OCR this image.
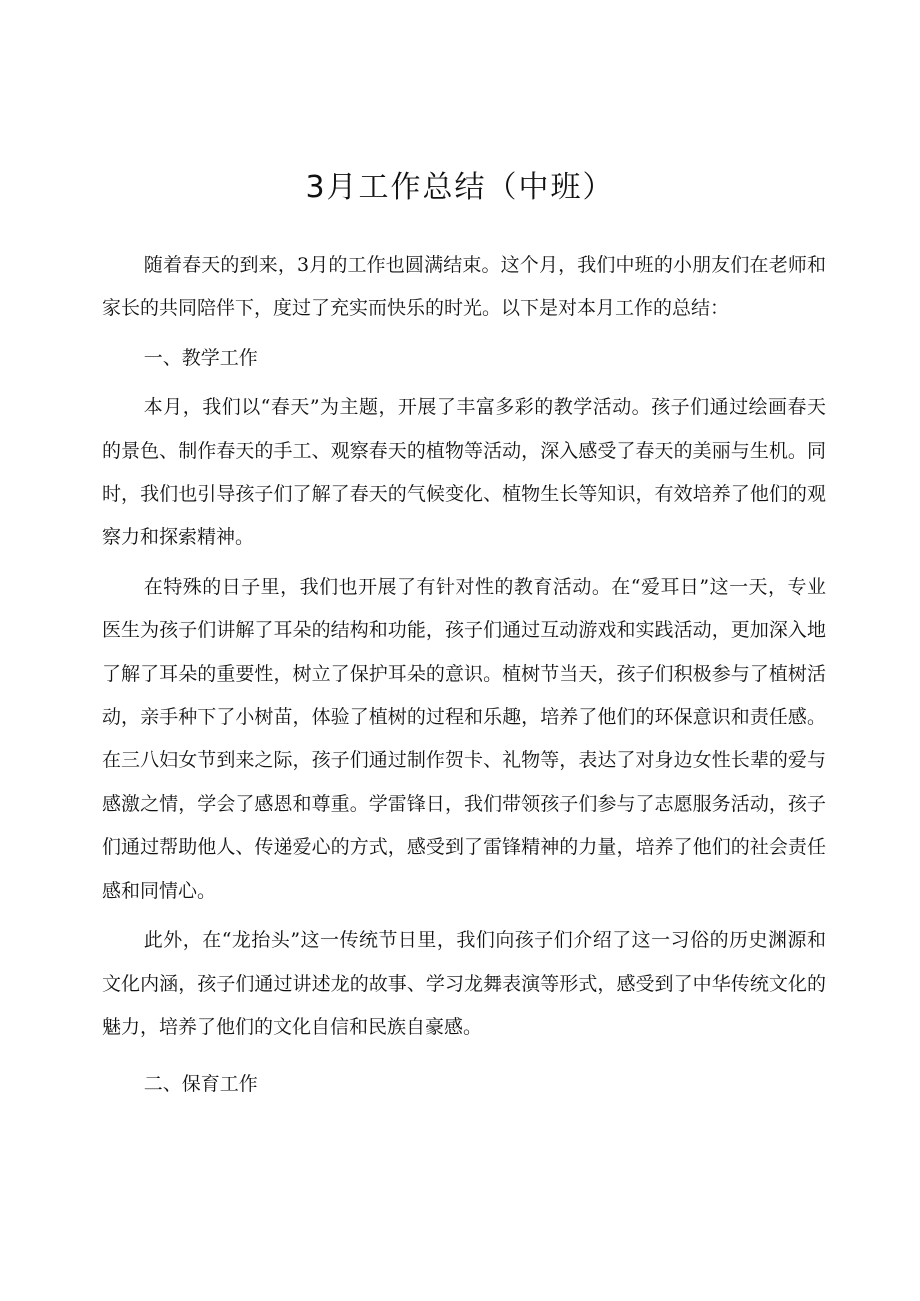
3月工作总结（中班）

随着春天的到来，3月的工作也圆满结束。这个月，我们中班的小朋友们在老师和家长的共同陪伴下，度过了充实而快乐的时光。以下是对本月工作的总结：

一、教学工作

本月，我们以“春天”为主题，开展了丰富多彩的教学活动。孩子们通过绘画春天的景色、制作春天的手工、观察春天的植物等活动，深入感受了春天的美丽与生机。同时，我们也引导孩子们了解了春天的气候变化、植物生长等知识，有效培养了他们的观察力和探索精神。

在特殊的日子里，我们也开展了有针对性的教育活动。在“爱耳日”这一天，专业医生为孩子们讲解了耳朵的结构和功能，孩子们通过互动游戏和实践活动，更加深入地了解了耳朵的重要性，树立了保护耳朵的意识。植树节当天，孩子们积极参与了植树活动，亲手种下了小树苗，体验了植树的过程和乐趣，培养了他们的环保意识和责任感。在三八妇女节到来之际，孩子们通过制作贺卡、礼物等，表达了对身边女性长辈的爱与感激之情，学会了感恩和尊重。学雷锋日，我们带领孩子们参与了志愿服务活动，孩子们通过帮助他人、传递爱心的方式，感受到了雷锋精神的力量，培养了他们的社会责任感和同情心。

此外，在“龙抬头”这一传统节日里，我们向孩子们介绍了这一习俗的历史渊源和文化内涵，孩子们通过讲述龙的故事、学习龙舞表演等形式，感受到了中华传统文化的魅力，培养了他们的文化自信和民族自豪感。

二、保育工作
